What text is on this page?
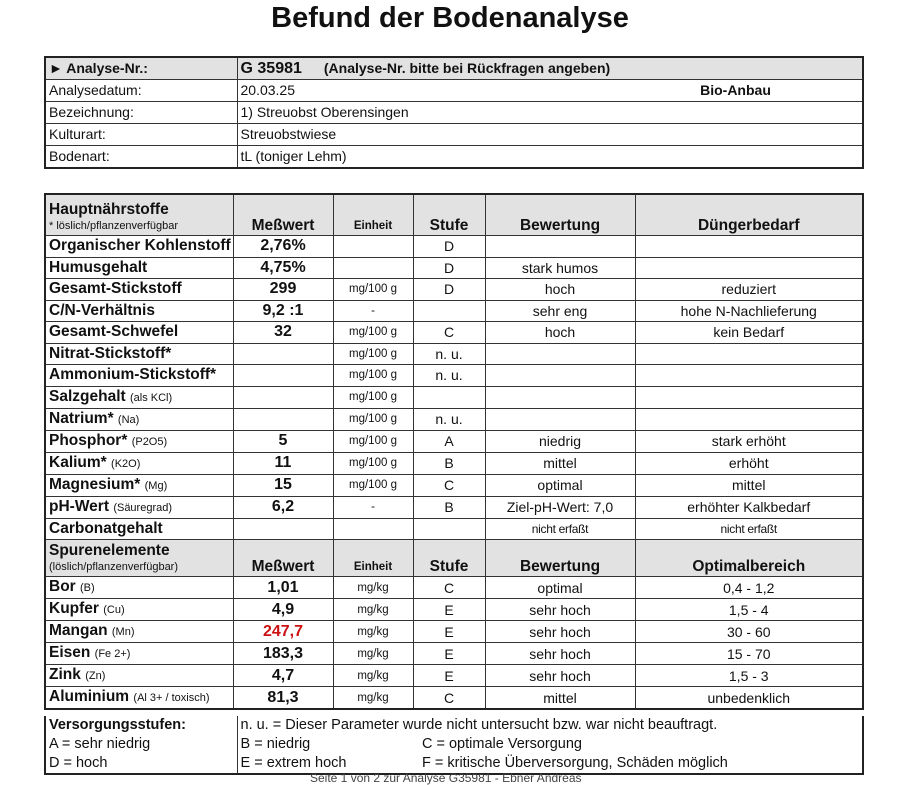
Befund der Bodenanalyse
► Analyse-Nr.:	G 35981 (Analyse-Nr. bitte bei Rückfragen angeben)	
Analysedatum:	20.03.25	Bio-Anbau
Bezeichnung:	1) Streuobst Oberensingen	
Kulturart:	Streuobstwiese	
Bodenart:	tL (toniger Lehm)	
Hauptnährstoffe
* löslich/pflanzenverfügbar	Meßwert	Einheit	Stufe	Bewertung	Düngerbedarf
Organischer Kohlenstoff	2,76%		D		
Humusgehalt	4,75%		D	stark humos	
Gesamt-Stickstoff	299	mg/100 g	D	hoch	reduziert
C/N-Verhältnis	9,2 :1	-		sehr eng	hohe N-Nachlieferung
Gesamt-Schwefel	32	mg/100 g	C	hoch	kein Bedarf
Nitrat-Stickstoff*		mg/100 g	n. u.		
Ammonium-Stickstoff*		mg/100 g	n. u.		
Salzgehalt (als KCl)		mg/100 g			
Natrium* (Na)		mg/100 g	n. u.		
Phosphor* (P2O5)	5	mg/100 g	A	niedrig	stark erhöht
Kalium* (K2O)	11	mg/100 g	B	mittel	erhöht
Magnesium* (Mg)	15	mg/100 g	C	optimal	mittel
pH-Wert (Säuregrad)	6,2	-	B	Ziel-pH-Wert: 7,0	erhöhter Kalkbedarf
Carbonatgehalt				nicht erfaßt	nicht erfaßt
Spurenelemente
(löslich/pflanzenverfügbar)	Meßwert	Einheit	Stufe	Bewertung	Optimalbereich
Bor (B)	1,01	mg/kg	C	optimal	0,4 - 1,2
Kupfer (Cu)	4,9	mg/kg	E	sehr hoch	1,5 - 4
Mangan (Mn)	247,7	mg/kg	E	sehr hoch	30 - 60
Eisen (Fe 2+)	183,3	mg/kg	E	sehr hoch	15 - 70
Zink (Zn)	4,7	mg/kg	E	sehr hoch	1,5 - 3
Aluminium (Al 3+ / toxisch)	81,3	mg/kg	C	mittel	unbedenklich
Versorgungsstufen:	n. u. = Dieser Parameter wurde nicht untersucht bzw. war nicht beauftragt.	
A = sehr niedrig	B = niedrig	C = optimale Versorgung
D = hoch	E = extrem hoch	F = kritische Überversorgung, Schäden möglich
Seite 1 von 2 zur Analyse G35981 - Ebner Andreas
